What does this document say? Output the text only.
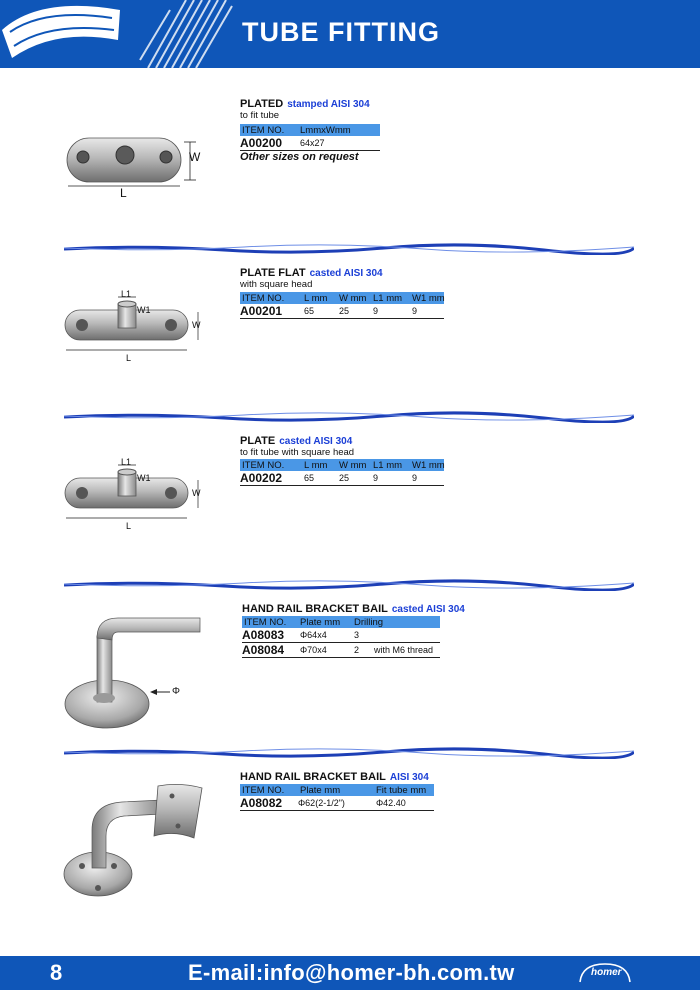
TUBE FITTING
W
L
PLATED stamped AISI 304
to fit tube
ITEM NO. LmmxWmm
A00200 64x27
Other sizes on request
L1
W1
W
L
PLATE FLAT casted AISI 304
with square head
ITEM NO. L mm W mm L1 mm W1 mm
A00201 65	25	9	9
L1
W1
W
L
PLATE casted AISI 304
to fit tube with square head
ITEM NO. L mm W mm L1 mm W1 mm
A00202 65	25	9	9
Φ
HAND RAIL BRACKET BAIL casted AISI 304
ITEM NO. Plate mm Drilling
A08083 Φ64x4	3
A08084 Φ70x4	2 with M6 thread
HAND RAIL BRACKET BAIL AISI 304
ITEM NO. Plate mm	Fit tube mm
A08082 Φ62(2-1/2")	Φ42.40
8	E-mail:info@homer-bh.com.tw	homer
